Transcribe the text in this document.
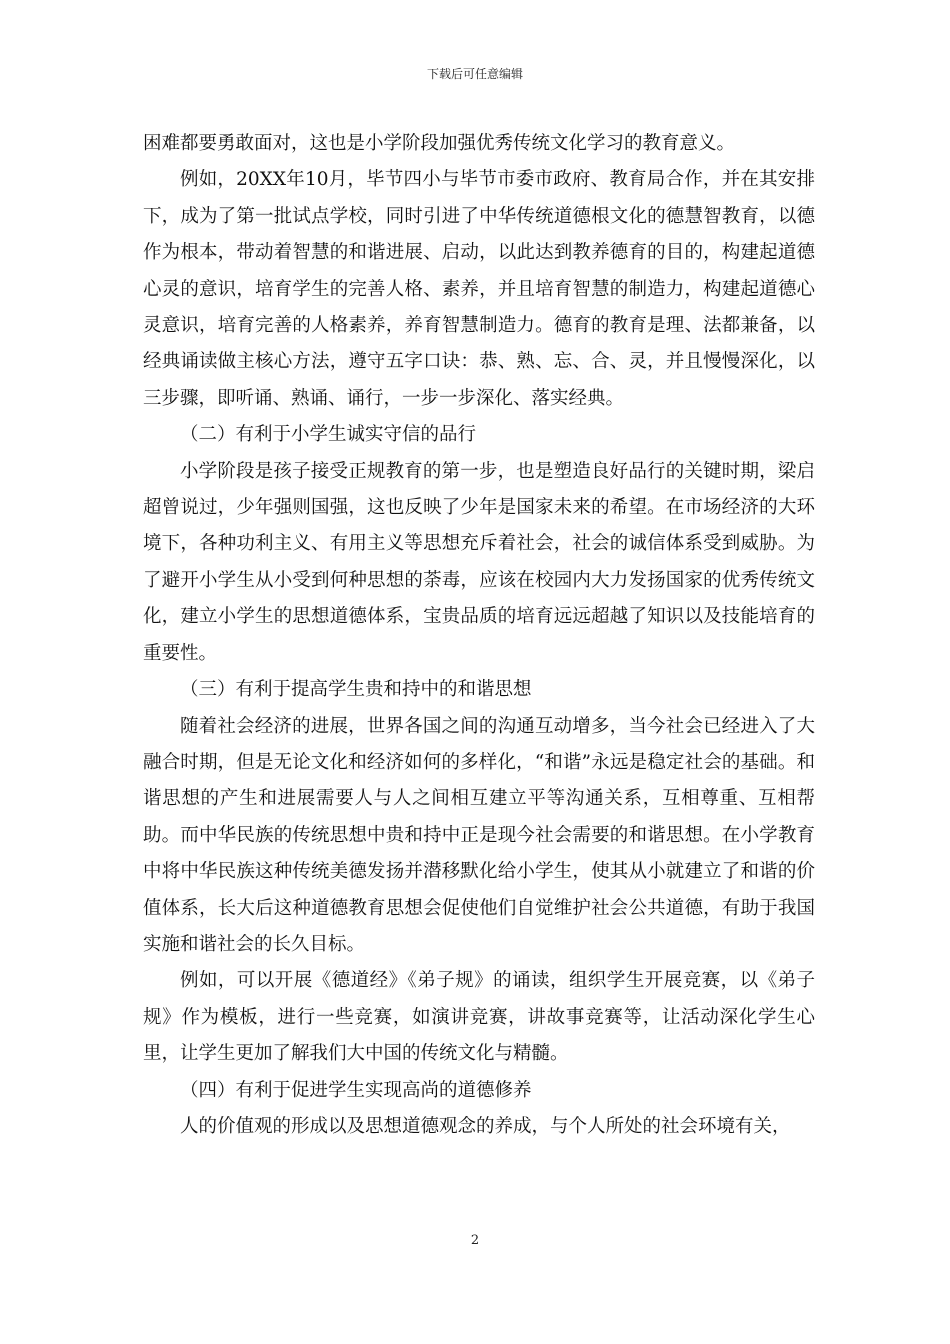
下载后可任意编辑

困难都要勇敢面对，这也是小学阶段加强优秀传统文化学习的教育意义。

例如，20XX年10月，毕节四小与毕节市委市政府、教育局合作，并在其安排下，成为了第一批试点学校，同时引进了中华传统道德根文化的德慧智教育，以德作为根本，带动着智慧的和谐进展、启动，以此达到教养德育的目的，构建起道德心灵的意识，培育学生的完善人格、素养，并且培育智慧的制造力，构建起道德心灵意识，培育完善的人格素养，养育智慧制造力。德育的教育是理、法都兼备，以经典诵读做主核心方法，遵守五字口诀：恭、熟、忘、合、灵，并且慢慢深化，以三步骤，即听诵、熟诵、诵行，一步一步深化、落实经典。

（二）有利于小学生诚实守信的品行

小学阶段是孩子接受正规教育的第一步，也是塑造良好品行的关键时期，梁启超曾说过，少年强则国强，这也反映了少年是国家未来的希望。在市场经济的大环境下，各种功利主义、有用主义等思想充斥着社会，社会的诚信体系受到威胁。为了避开小学生从小受到何种思想的荼毒，应该在校园内大力发扬国家的优秀传统文化，建立小学生的思想道德体系，宝贵品质的培育远远超越了知识以及技能培育的重要性。

（三）有利于提高学生贵和持中的和谐思想

随着社会经济的进展，世界各国之间的沟通互动增多，当今社会已经进入了大融合时期，但是无论文化和经济如何的多样化，“和谐”永远是稳定社会的基础。和谐思想的产生和进展需要人与人之间相互建立平等沟通关系，互相尊重、互相帮助。而中华民族的传统思想中贵和持中正是现今社会需要的和谐思想。在小学教育中将中华民族这种传统美德发扬并潜移默化给小学生，使其从小就建立了和谐的价值体系，长大后这种道德教育思想会促使他们自觉维护社会公共道德，有助于我国实施和谐社会的长久目标。

例如，可以开展《德道经》《弟子规》的诵读，组织学生开展竞赛，以《弟子规》作为模板，进行一些竞赛，如演讲竞赛，讲故事竞赛等，让活动深化学生心里，让学生更加了解我们大中国的传统文化与精髓。

（四）有利于促进学生实现高尚的道德修养

人的价值观的形成以及思想道德观念的养成，与个人所处的社会环境有关，

2
